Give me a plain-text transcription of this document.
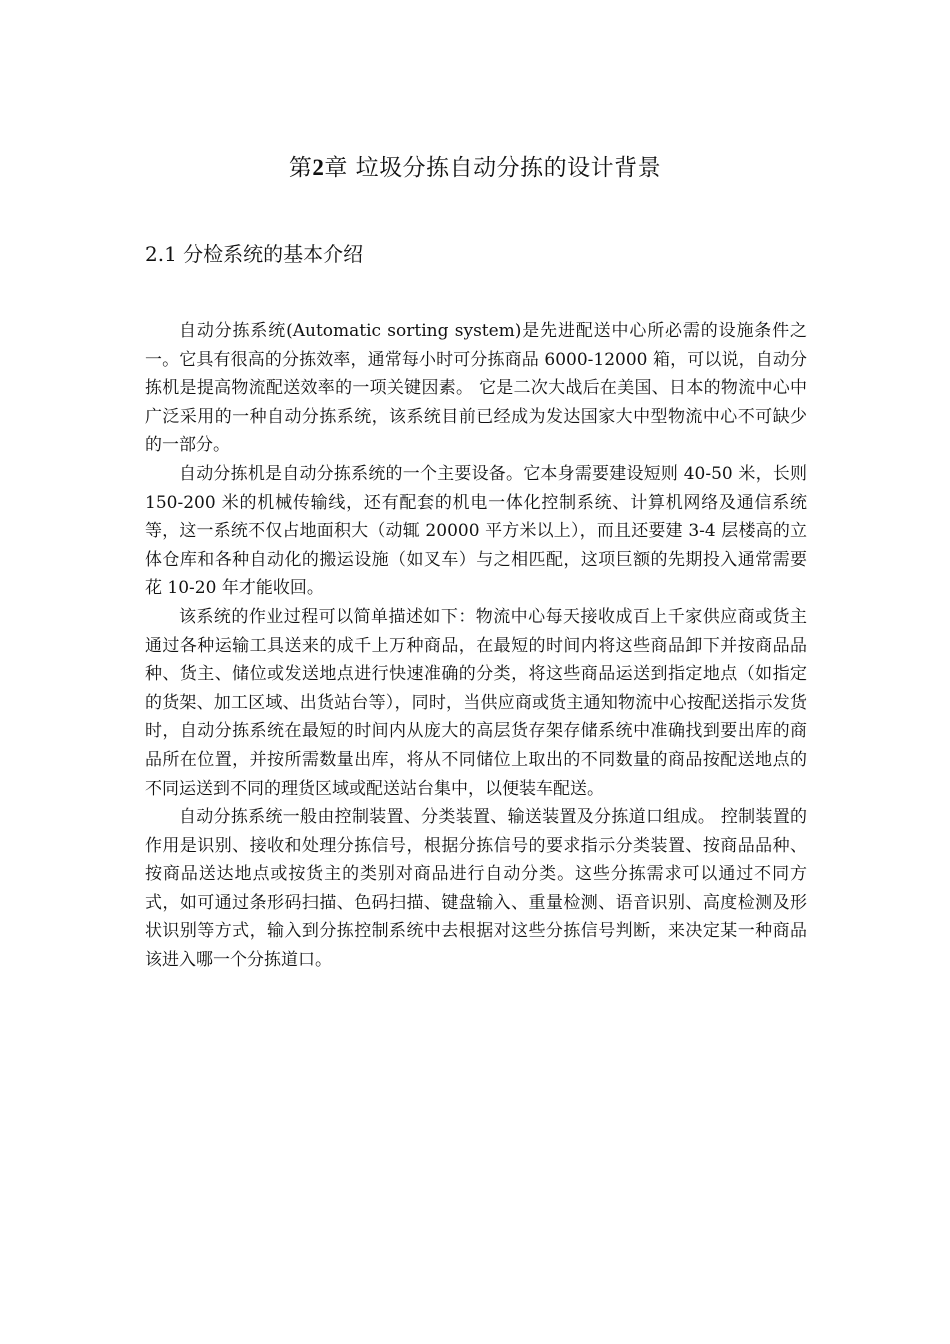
第2章 垃圾分拣自动分拣的设计背景
2.1 分检系统的基本介绍

自动分拣系统(Automatic sorting system)是先进配送中心所必需的设施条件之一。它具有很高的分拣效率，通常每小时可分拣商品 6000-12000 箱，可以说，自动分拣机是提高物流配送效率的一项关键因素。 它是二次大战后在美国、日本的物流中心中广泛采用的一种自动分拣系统，该系统目前已经成为发达国家大中型物流中心不可缺少的一部分。

自动分拣机是自动分拣系统的一个主要设备。它本身需要建设短则 40-50 米，长则 150-200 米的机械传输线，还有配套的机电一体化控制系统、计算机网络及通信系统等，这一系统不仅占地面积大（动辄 20000 平方米以上），而且还要建 3-4 层楼高的立体仓库和各种自动化的搬运设施（如叉车）与之相匹配，这项巨额的先期投入通常需要花 10-20 年才能收回。

该系统的作业过程可以简单描述如下：物流中心每天接收成百上千家供应商或货主通过各种运输工具送来的成千上万种商品，在最短的时间内将这些商品卸下并按商品品种、货主、储位或发送地点进行快速准确的分类，将这些商品运送到指定地点（如指定的货架、加工区域、出货站台等），同时，当供应商或货主通知物流中心按配送指示发货时，自动分拣系统在最短的时间内从庞大的高层货存架存储系统中准确找到要出库的商品所在位置，并按所需数量出库，将从不同储位上取出的不同数量的商品按配送地点的不同运送到不同的理货区域或配送站台集中，以便装车配送。

自动分拣系统一般由控制装置、分类装置、输送装置及分拣道口组成。 控制装置的作用是识别、接收和处理分拣信号，根据分拣信号的要求指示分类装置、按商品品种、按商品送达地点或按货主的类别对商品进行自动分类。这些分拣需求可以通过不同方式，如可通过条形码扫描、色码扫描、键盘输入、重量检测、语音识别、高度检测及形状识别等方式，输入到分拣控制系统中去根据对这些分拣信号判断，来决定某一种商品该进入哪一个分拣道口。
